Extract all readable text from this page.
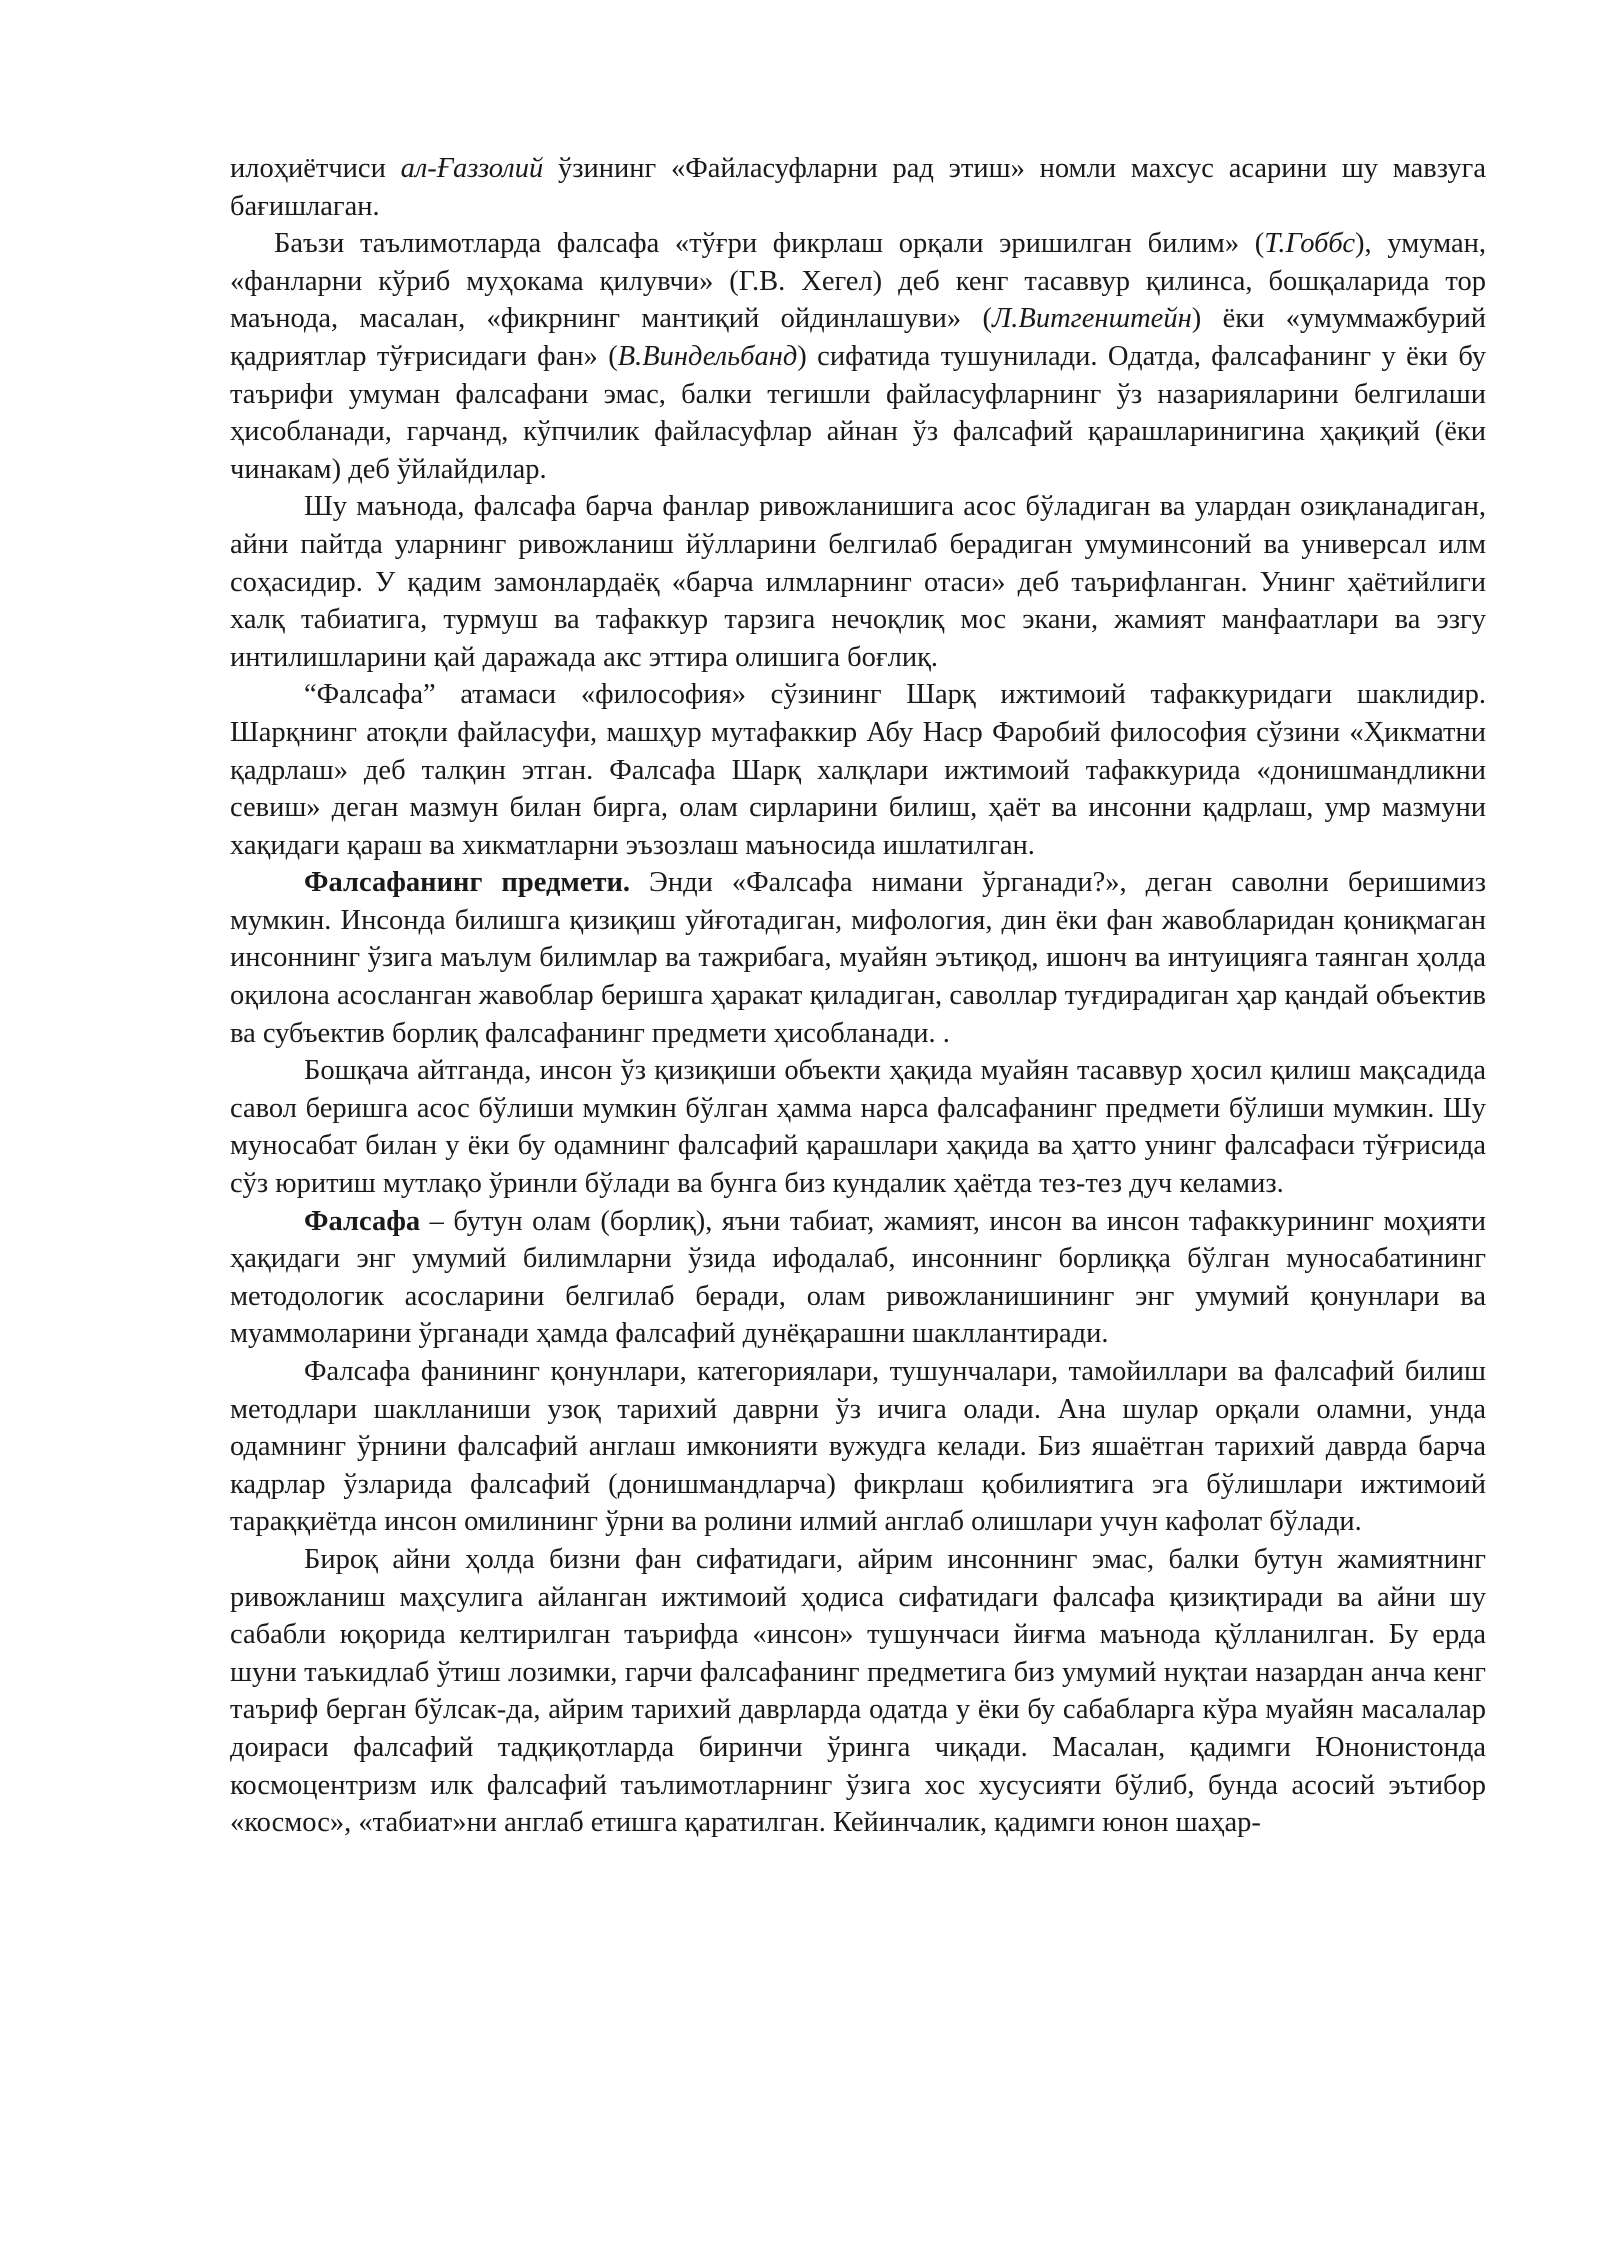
илоҳиётчиси ал-Ғаззолий ўзининг «Файласуфларни рад этиш» номли махсус асарини шу мавзуга бағишлаган.

Баъзи таълимотларда фалсафа «тўғри фикрлаш орқали эришилган билим» (Т.Гоббс), умуман, «фанларни кўриб муҳокама қилувчи» (Г.В. Хегел) деб кенг тасаввур қилинса, бошқаларида тор маънода, масалан, «фикрнинг мантиқий ойдинлашуви» (Л.Витгенштейн) ёки «умуммажбурий қадриятлар тўғрисидаги фан» (В.Виндельбанд) сифатида тушунилади. Одатда, фалсафанинг у ёки бу таърифи умуман фалсафани эмас, балки тегишли файласуфларнинг ўз назарияларини белгилаши ҳисобланади, гарчанд, кўпчилик файласуфлар айнан ўз фалсафий қарашларинигина ҳақиқий (ёки чинакам) деб ўйлайдилар.

Шу маънода, фалсафа барча фанлар ривожланишига асос бўладиган ва улардан озиқланадиган, айни пайтда уларнинг ривожланиш йўлларини белгилаб берадиган умуминсоний ва универсал илм соҳасидир. У қадим замонлардаёқ «барча илмларнинг отаси» деб таърифланган. Унинг ҳаётийлиги халқ табиатига, турмуш ва тафаккур тарзига нечоқлиқ мос экани, жамият манфаатлари ва эзгу интилишларини қай даражада акс эттира олишига боғлиқ.

“Фалсафа” атамаси «философия» сўзининг Шарқ ижтимоий тафаккуридаги шаклидир. Шарқнинг атоқли файласуфи, машҳур мутафаккир Абу Наср Фаробий философия сўзини «Ҳикматни қадрлаш» деб талқин этган. Фалсафа Шарқ халқлари ижтимоий тафаккурида «донишмандликни севиш» деган мазмун билан бирга, олам сирларини билиш, ҳаёт ва инсонни қадрлаш, умр мазмуни хақидаги қараш ва хикматларни эъзозлаш маъносида ишлатилган.

Фалсафанинг предмети. Энди «Фалсафа нимани ўрганади?», деган саволни беришимиз мумкин. Инсонда билишга қизиқиш уйғотадиган, мифология, дин ёки фан жавобларидан қониқмаган инсоннинг ўзига маълум билимлар ва тажрибага, муайян эътиқод, ишонч ва интуицияга таянган ҳолда оқилона асосланган жавоблар беришга ҳаракат қиладиган, саволлар туғдирадиган ҳар қандай объектив ва субъектив борлиқ фалсафанинг предмети ҳисобланади. .

Бошқача айтганда, инсон ўз қизиқиши объекти ҳақида муайян тасаввур ҳосил қилиш мақсадида савол беришга асос бўлиши мумкин бўлган ҳамма нарса фалсафанинг предмети бўлиши мумкин. Шу муносабат билан у ёки бу одамнинг фалсафий қарашлари ҳақида ва ҳатто унинг фалсафаси тўғрисида сўз юритиш мутлақо ўринли бўлади ва бунга биз кундалик ҳаётда тез-тез дуч келамиз.

Фалсафа – бутун олам (борлиқ), яъни табиат, жамият, инсон ва инсон тафаккурининг моҳияти ҳақидаги энг умумий билимларни ўзида ифодалаб, инсоннинг борлиққа бўлган муносабатининг методологик асосларини белгилаб беради, олам ривожланишининг энг умумий қонунлари ва муаммоларини ўрганади ҳамда фалсафий дунёқарашни шакллантиради.

Фалсафа фанининг қонунлари, категориялари, тушунчалари, тамойиллари ва фалсафий билиш методлари шаклланиши узоқ тарихий даврни ўз ичига олади. Ана шулар орқали оламни, унда одамнинг ўрнини фалсафий англаш имконияти вужудга келади. Биз яшаётган тарихий даврда барча кадрлар ўзларида фалсафий (донишмандларча) фикрлаш қобилиятига эга бўлишлари ижтимоий тараққиётда инсон омилининг ўрни ва ролини илмий англаб олишлари учун кафолат бўлади.

Бироқ айни ҳолда бизни фан сифатидаги, айрим инсоннинг эмас, балки бутун жамиятнинг ривожланиш маҳсулига айланган ижтимоий ҳодиса сифатидаги фалсафа қизиқтиради ва айни шу сабабли юқорида келтирилган таърифда «инсон» тушунчаси йиғма маънода қўлланилган. Бу ерда шуни таъкидлаб ўтиш лозимки, гарчи фалсафанинг предметига биз умумий нуқтаи назардан анча кенг таъриф берган бўлсак-да, айрим тарихий даврларда одатда у ёки бу сабабларга кўра муайян масалалар доираси фалсафий тадқиқотларда биринчи ўринга чиқади. Масалан, қадимги Юнонистонда космоцентризм илк фалсафий таълимотларнинг ўзига хос хусусияти бўлиб, бунда асосий эътибор «космос», «табиат»ни англаб етишга қаратилган. Кейинчалик, қадимги юнон шаҳар-
